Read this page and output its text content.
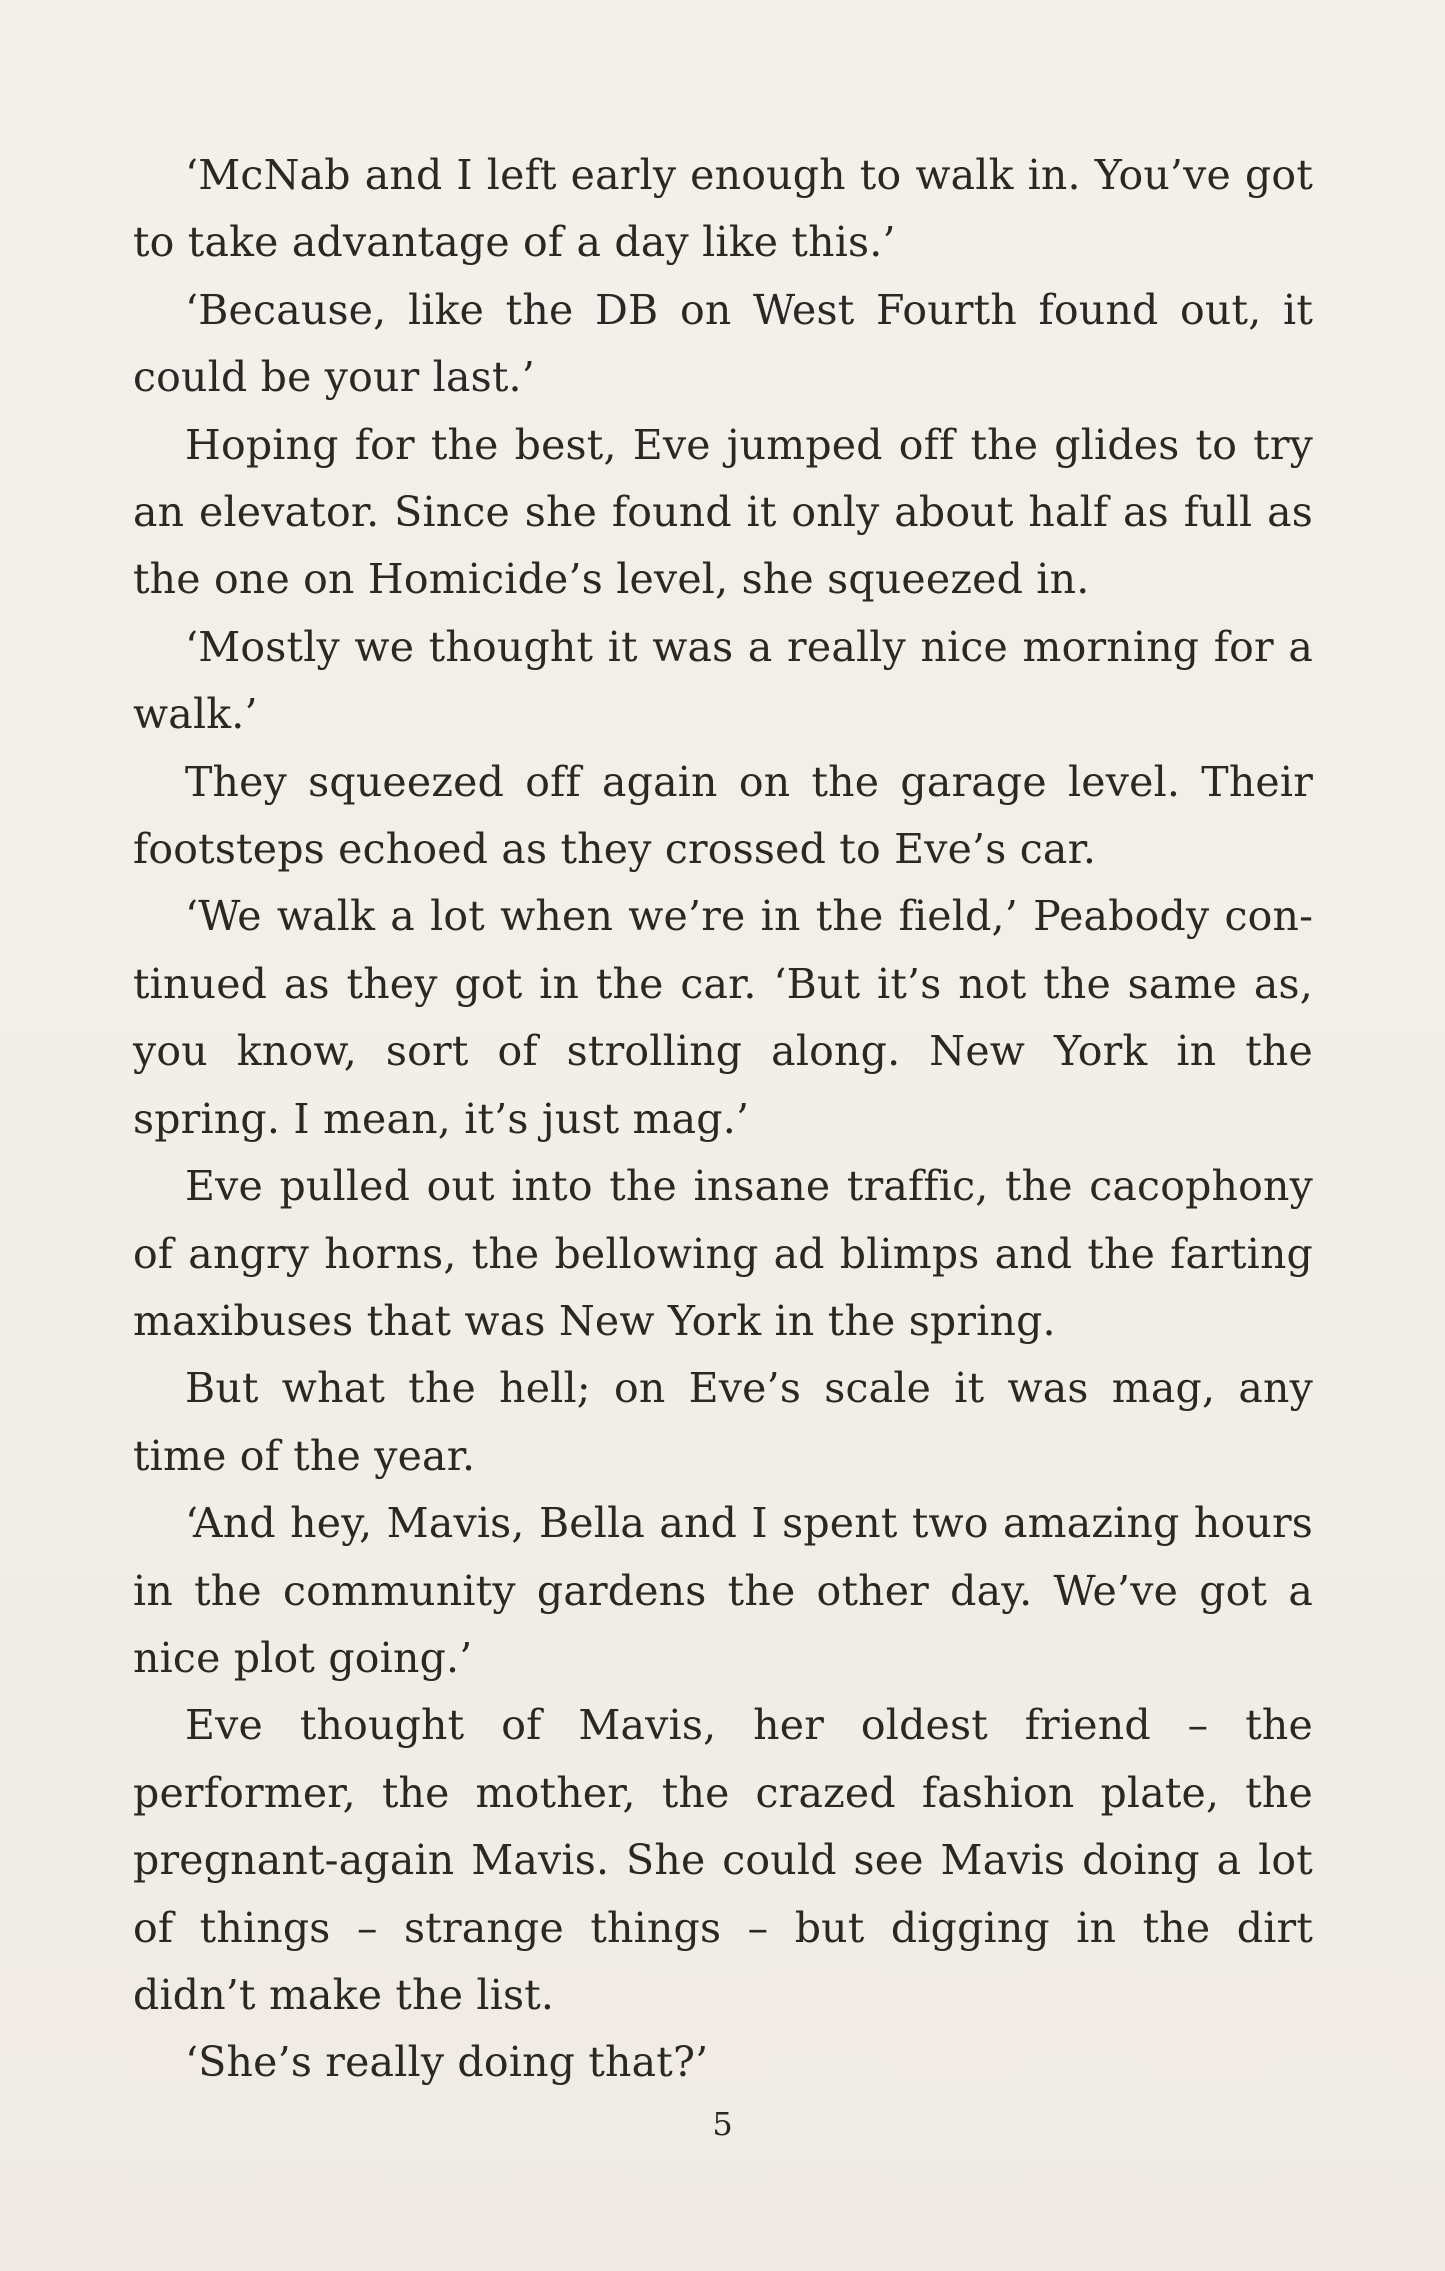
‘McNab and I left early enough to walk in. You’ve got to take advantage of a day like this.’

‘Because, like the DB on West Fourth found out, it could be your last.’

Hoping for the best, Eve jumped off the glides to try an elevator. Since she found it only about half as full as the one on Homicide’s level, she squeezed in.

‘Mostly we thought it was a really nice morning for a walk.’

They squeezed off again on the garage level. Their footsteps echoed as they crossed to Eve’s car.

‘We walk a lot when we’re in the field,’ Peabody continued as they got in the car. ‘But it’s not the same as, you know, sort of strolling along. New York in the spring. I mean, it’s just mag.’

Eve pulled out into the insane traffic, the cacophony of angry horns, the bellowing ad blimps and the farting maxibuses that was New York in the spring.

But what the hell; on Eve’s scale it was mag, any time of the year.

‘And hey, Mavis, Bella and I spent two amazing hours in the community gardens the other day. We’ve got a nice plot going.’

Eve thought of Mavis, her oldest friend – the performer, the mother, the crazed fashion plate, the pregnant-again Mavis. She could see Mavis doing a lot of things – strange things – but digging in the dirt didn’t make the list.

‘She’s really doing that?’

5
